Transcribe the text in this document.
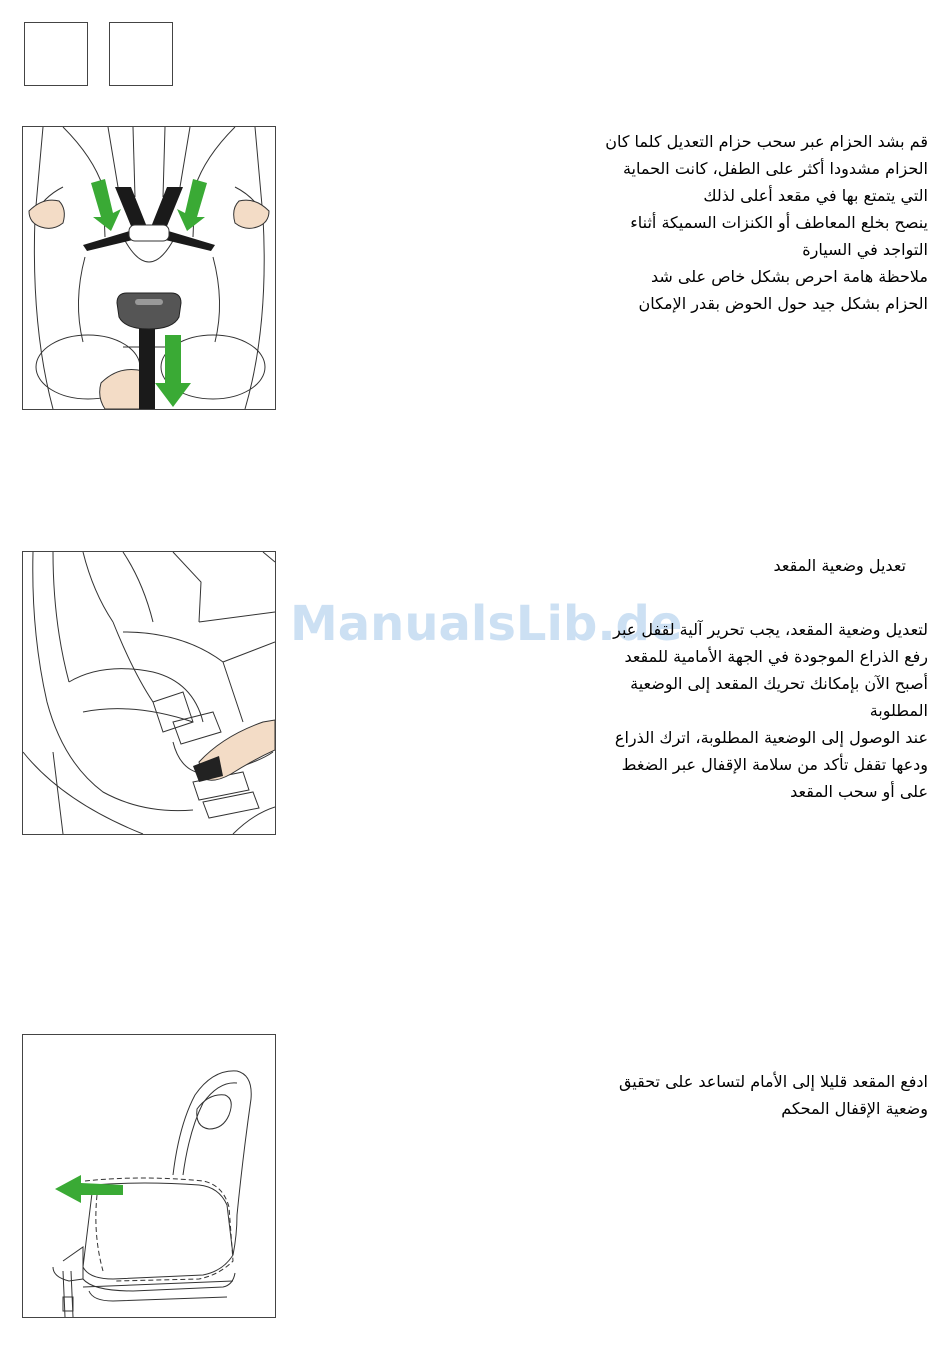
قم بشد الحزام عبر سحب حزام التعديل كلما كان
الحزام مشدودا أكثر على الطفل، كانت الحماية
التي يتمتع بها في مقعد أعلى لذلك
ينصح بخلع المعاطف أو الكنزات السميكة أثناء
التواجد في السيارة
ملاحظة هامة احرص بشكل خاص على شد
الحزام بشكل جيد حول الحوض بقدر الإمكان
تعديل وضعية المقعد
ManualsLib.de
لتعديل وضعية المقعد، يجب تحرير آلية لقفل عبر
رفع الذراع الموجودة في الجهة الأمامية للمقعد
أصبح الآن بإمكانك تحريك المقعد إلى الوضعية
المطلوبة
عند الوصول إلى الوضعية المطلوبة، اترك الذراع
ودعها تقفل تأكد من سلامة الإقفال عبر الضغط
على أو سحب المقعد
ادفع المقعد قليلا إلى الأمام لتساعد على تحقيق
وضعية الإقفال المحكم
